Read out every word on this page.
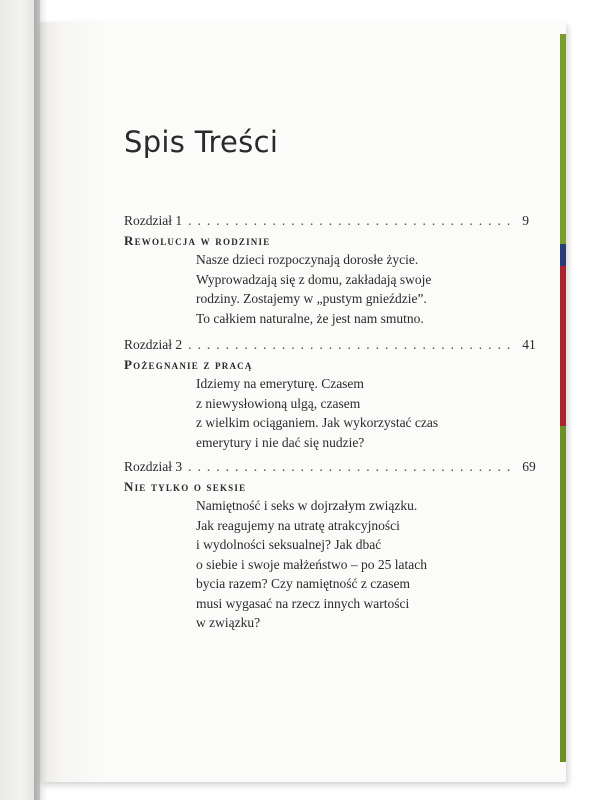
Spis Treści
Rozdział 1 ................................... 9
Rewolucja w rodzinie
Nasze dzieci rozpoczynają dorosłe życie.
Wyprowadzają się z domu, zakładają swoje
rodziny. Zostajemy w „pustym gnieździe”.
To całkiem naturalne, że jest nam smutno.
Rozdział 2 ................................... 41
Pożegnanie z pracą
Idziemy na emeryturę. Czasem
z niewysłowioną ulgą, czasem
z wielkim ociąganiem. Jak wykorzystać czas
emerytury i nie dać się nudzie?
Rozdział 3 ................................... 69
Nie tylko o seksie
Namiętność i seks w dojrzałym związku.
Jak reagujemy na utratę atrakcyjności
i wydolności seksualnej? Jak dbać
o siebie i swoje małżeństwo – po 25 latach
bycia razem? Czy namiętność z czasem
musi wygasać na rzecz innych wartości
w związku?
